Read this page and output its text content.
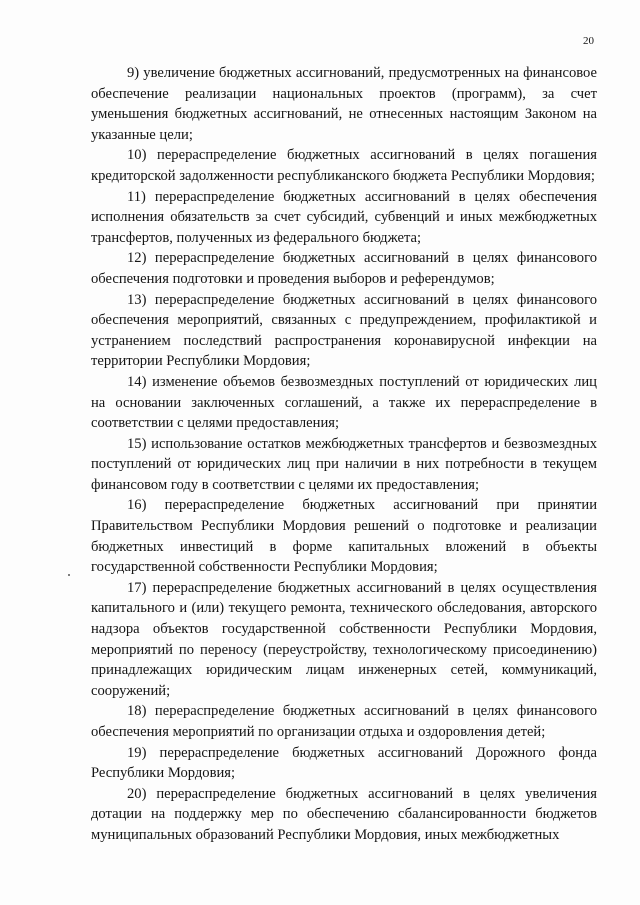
20

9) увеличение бюджетных ассигнований, предусмотренных на финансовое обеспечение реализации национальных проектов (программ), за счет уменьшения бюджетных ассигнований, не отнесенных настоящим Законом на указанные цели;

10) перераспределение бюджетных ассигнований в целях погашения кредиторской задолженности республиканского бюджета Республики Мордовия;

11) перераспределение бюджетных ассигнований в целях обеспечения исполнения обязательств за счет субсидий, субвенций и иных межбюджетных трансфертов, полученных из федерального бюджета;

12) перераспределение бюджетных ассигнований в целях финансового обеспечения подготовки и проведения выборов и референдумов;

13) перераспределение бюджетных ассигнований в целях финансового обеспечения мероприятий, связанных с предупреждением, профилактикой и устранением последствий распространения коронавирусной инфекции на территории Республики Мордовия;

14) изменение объемов безвозмездных поступлений от юридических лиц на основании заключенных соглашений, а также их перераспределение в соответствии с целями предоставления;

15) использование остатков межбюджетных трансфертов и безвозмездных поступлений от юридических лиц при наличии в них потребности в текущем финансовом году в соответствии с целями их предоставления;

16) перераспределение бюджетных ассигнований при принятии Правительством Республики Мордовия решений о подготовке и реализации бюджетных инвестиций в форме капитальных вложений в объекты государственной собственности Республики Мордовия;

17) перераспределение бюджетных ассигнований в целях осуществления капитального и (или) текущего ремонта, технического обследования, авторского надзора объектов государственной собственности Республики Мордовия, мероприятий по переносу (переустройству, технологическому присоединению) принадлежащих юридическим лицам инженерных сетей, коммуникаций, сооружений;

18) перераспределение бюджетных ассигнований в целях финансового обеспечения мероприятий по организации отдыха и оздоровления детей;

19) перераспределение бюджетных ассигнований Дорожного фонда Республики Мордовия;

20) перераспределение бюджетных ассигнований в целях увеличения дотации на поддержку мер по обеспечению сбалансированности бюджетов муниципальных образований Республики Мордовия, иных межбюджетных
